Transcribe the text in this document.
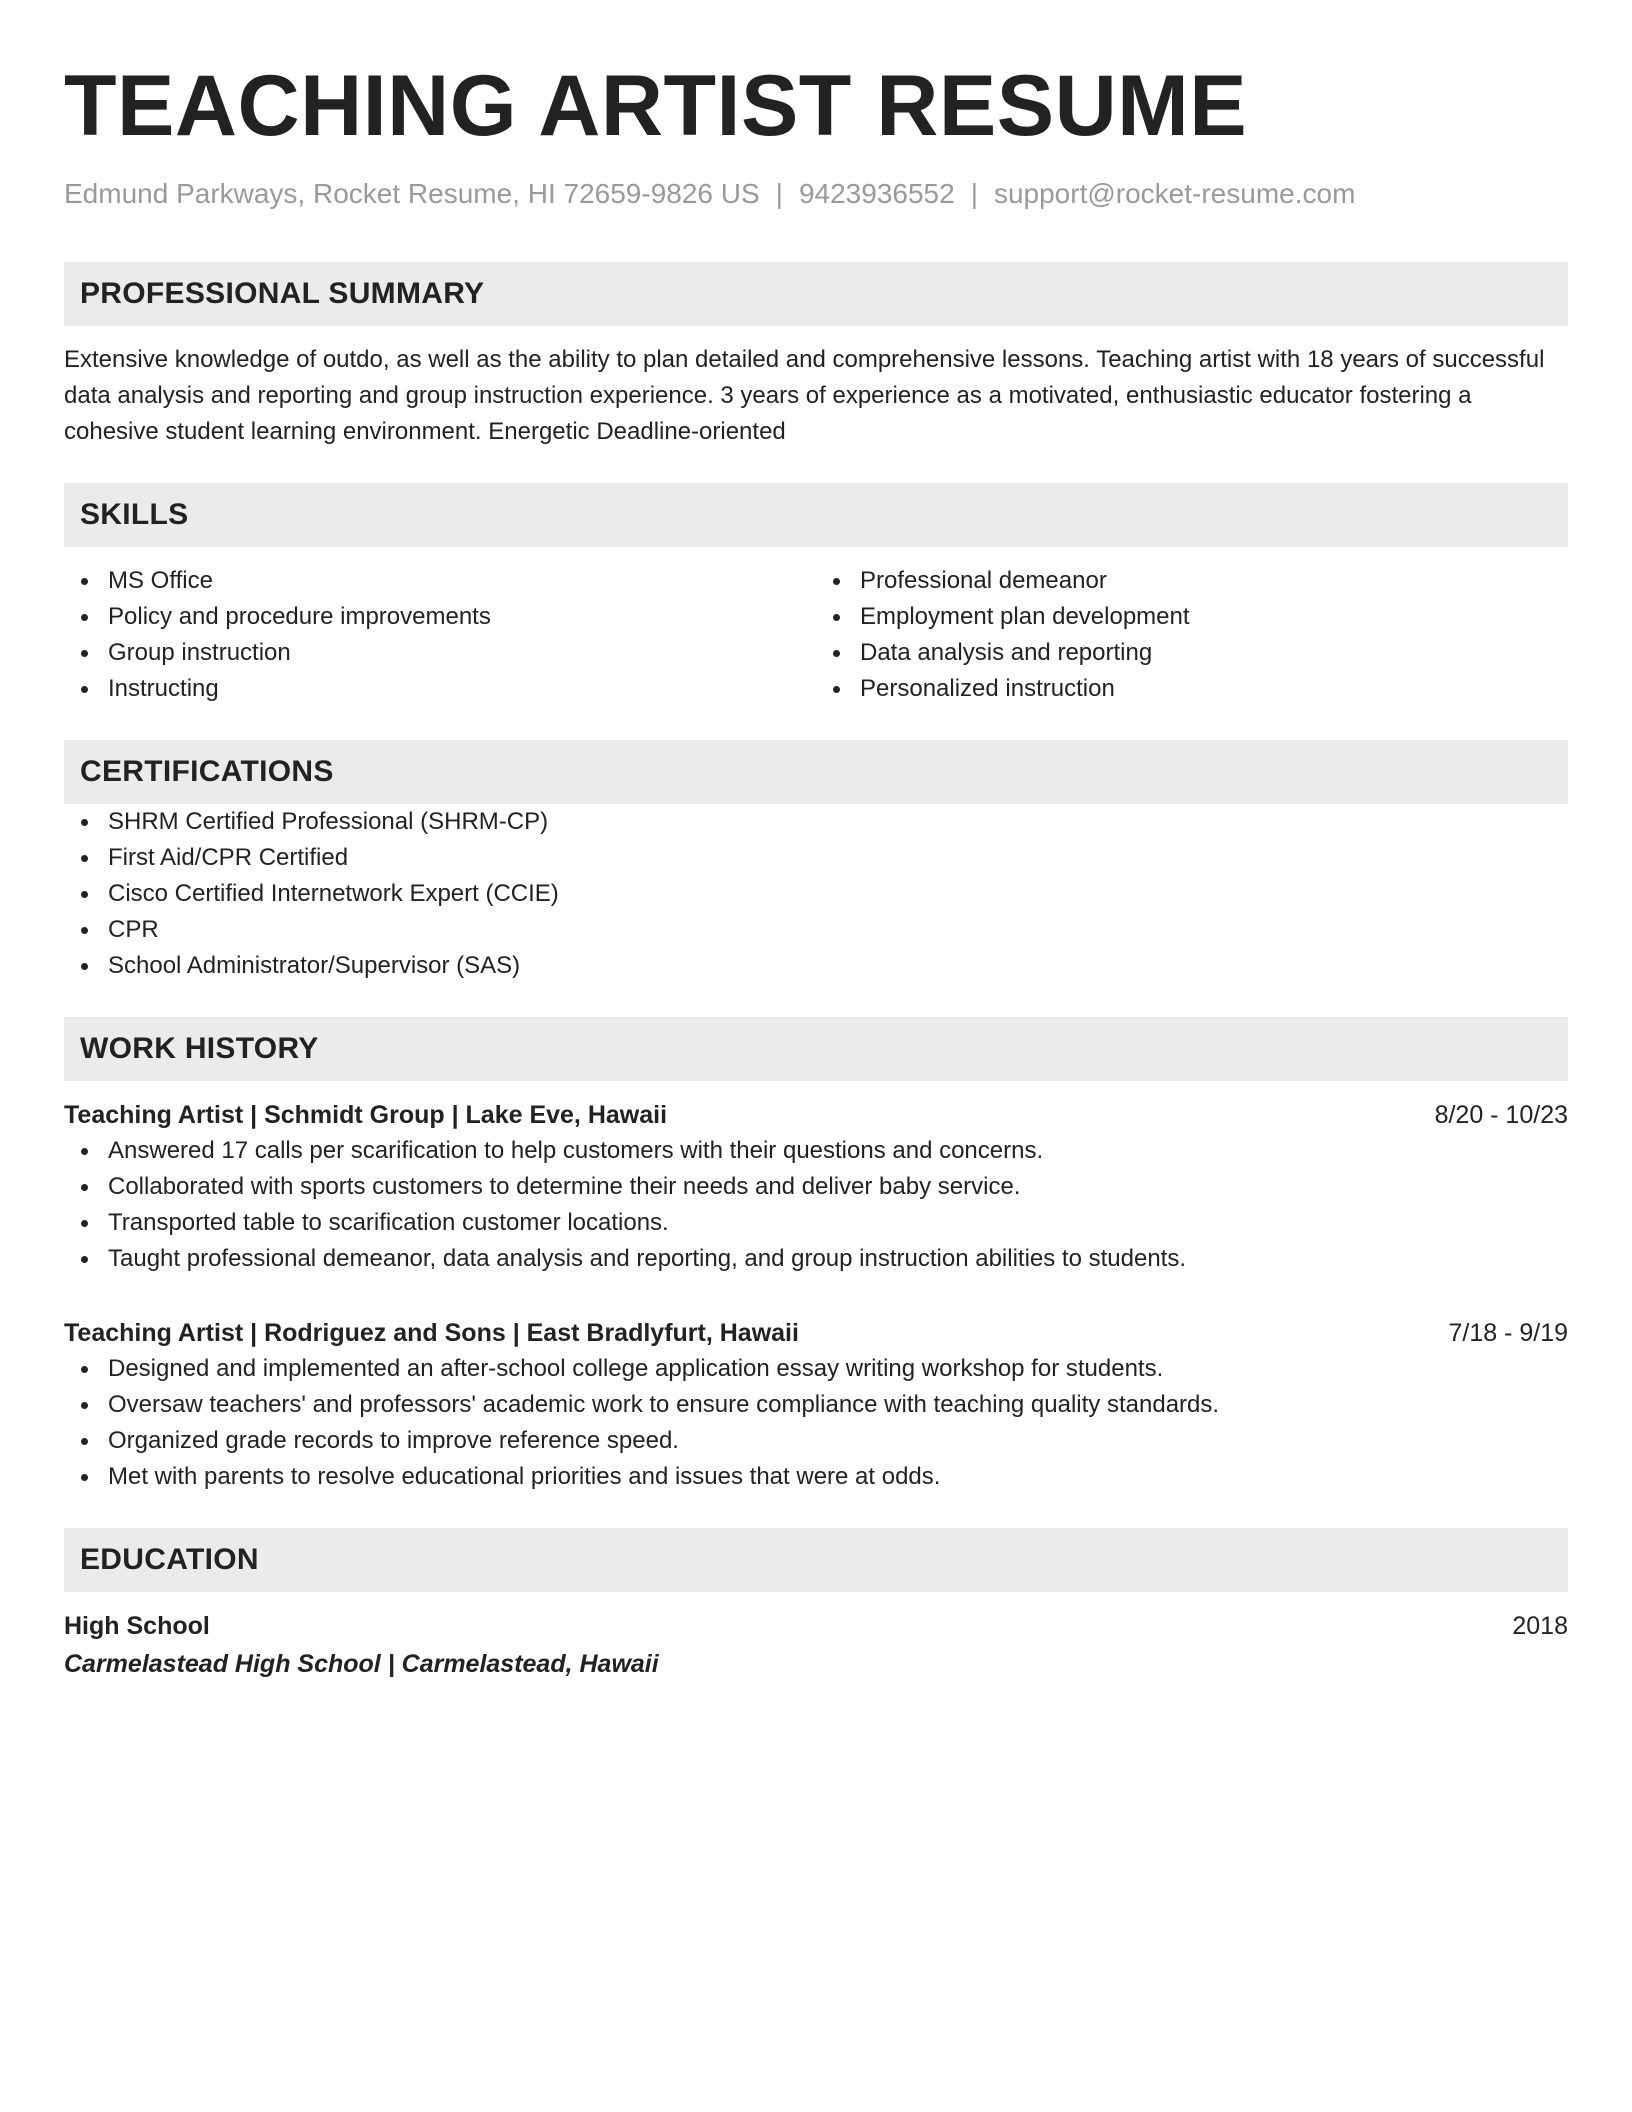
TEACHING ARTIST RESUME
Edmund Parkways, Rocket Resume, HI 72659-9826 US | 9423936552 | support@rocket-resume.com
PROFESSIONAL SUMMARY
Extensive knowledge of outdo, as well as the ability to plan detailed and comprehensive lessons. Teaching artist with 18 years of successful data analysis and reporting and group instruction experience. 3 years of experience as a motivated, enthusiastic educator fostering a cohesive student learning environment. Energetic Deadline-oriented
SKILLS
MS Office
Policy and procedure improvements
Group instruction
Instructing
Professional demeanor
Employment plan development
Data analysis and reporting
Personalized instruction
CERTIFICATIONS
SHRM Certified Professional (SHRM-CP)
First Aid/CPR Certified
Cisco Certified Internetwork Expert (CCIE)
CPR
School Administrator/Supervisor (SAS)
WORK HISTORY
Teaching Artist | Schmidt Group | Lake Eve, Hawaii	8/20 - 10/23
Answered 17 calls per scarification to help customers with their questions and concerns.
Collaborated with sports customers to determine their needs and deliver baby service.
Transported table to scarification customer locations.
Taught professional demeanor, data analysis and reporting, and group instruction abilities to students.
Teaching Artist | Rodriguez and Sons | East Bradlyfurt, Hawaii	7/18 - 9/19
Designed and implemented an after-school college application essay writing workshop for students.
Oversaw teachers' and professors' academic work to ensure compliance with teaching quality standards.
Organized grade records to improve reference speed.
Met with parents to resolve educational priorities and issues that were at odds.
EDUCATION
High School	2018
Carmelastead High School | Carmelastead, Hawaii
